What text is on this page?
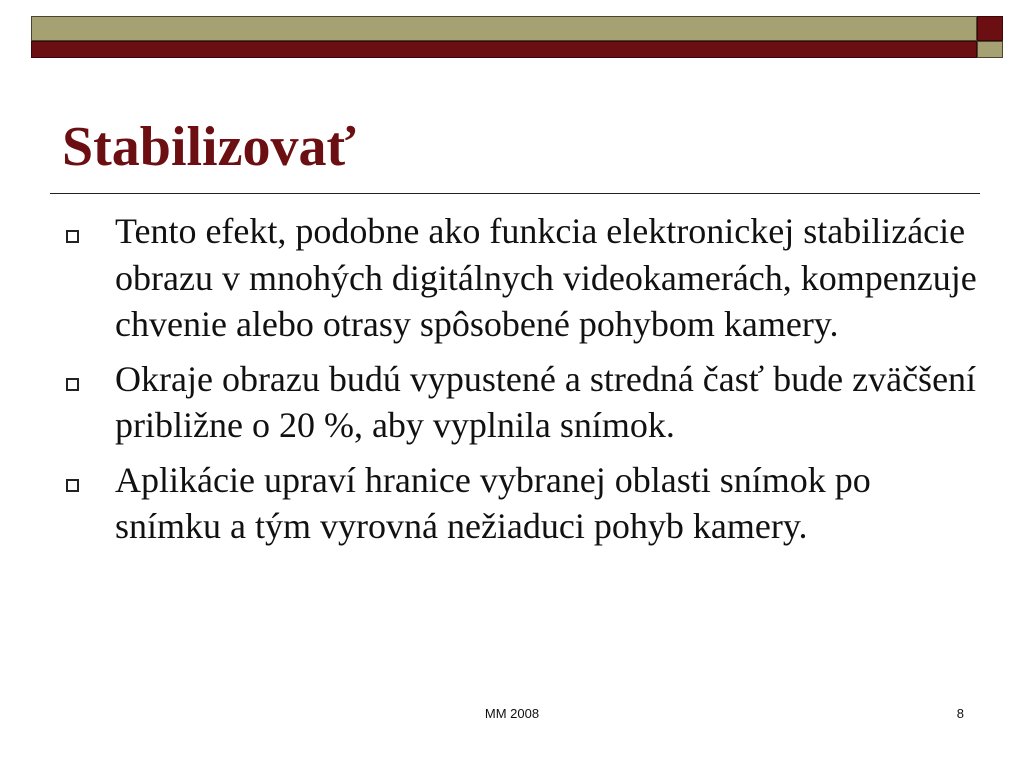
Stabilizovať
Tento efekt, podobne ako funkcia elektronickej stabilizácie obrazu v mnohých digitálnych videokamerách, kompenzuje chvenie alebo otrasy spôsobené pohybom kamery.
Okraje obrazu budú vypustené a stredná časť bude zväčšení približne o 20 %, aby vyplnila snímok.
Aplikácie upraví hranice vybranej oblasti snímok po snímku a tým vyrovná nežiaduci pohyb kamery.
MM 2008	8
